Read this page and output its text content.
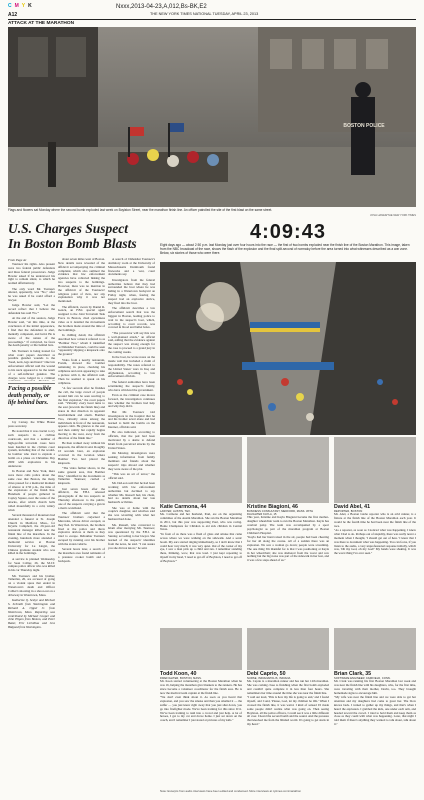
C M Y K	Nxxx,2013-04-23,A,012,Bs-BK,E2
A12	THE NEW YORK TIMES NATIONAL TUESDAY, APRIL 23, 2013
ATTACK AT THE MARATHON
BOSTON POLICE
Flags and flowers sat Monday where the second bomb exploded last week on Boylston Street, near the marathon finish line. An officer patrolled the site of the first blast on the same street.
JOSH HANER/THE NEW YORK TIMES
U.S. Charges Suspect
In Boston Bomb Blasts
From Page A1

Tsarnaev his rights. Also present were two federal public defenders and three federal prosecutors. Judge Bowler asked if he understood his right to remain silent, to which he nodded affirmatively.

The only word Mr. Tsarnaev uttered, apparently, was "No," after he was asked if he could afford a lawyer.

Judge Bowler said, "Let the record reflect that I believe the defendant has said 'No.'"

At the end of the session, Judge Bowler said, "At this time, at the conclusion of the initial appearance, I find that the defendant is alert, mentally competent, and lucid. He is aware of the nature of the proceedings." If convicted, he faces the death penalty or life behind bars.

Mr. Tsarnaev is being treated for what court papers described as possible gunshot wounds to the "head, neck, legs and hand." One law enforcement official said the wound to his neck appeared to be the result of a self-inflicted gunshot. The charges were lodged in a criminal

Facing a possible death penalty, or life behind bars.

Jay Carney, the White House press secretary.

He noted that it was crucial to try such suspects in a civilian courtroom, and that a number of high-profile terrorism cases have been handled in the civilian court system, including that of the would-be bomber who tried to explode a bomb on a plane on Christmas Day 2009 with explosives in his underwear.

In Boston and New York, there were more calls police about the same case that Boston, the many cities paused for a memorial moment of silence at 2:50 p.m., the time of the explosions at the finish line. Hundreds of people gathered in Copley Square, near the scene of the attacks, after which church bells tolled mournfully in a cold, wintry wind.

Several thousand of mourners had attended a funeral at St. Joseph Church in Medford, Mass., for Krystle Campbell, the 29-year-old restaurant manager killed near the finish line of the marathon. In the evening, hundreds more attended a memorial service at Boston University for Lu Lingzi, the Chinese graduate student who was killed in the bombings.

A service is planned Wednesday for Sean Collier, 26, the M.I.T. campus police officer who was killed in his car Thursday night.

Mr. Tsarnaev and his brother, Tamerlan, 26, are accused of going on a violent spree that ended in Watertown's death and Officer Collier's shooting in a shoot-out on a driveway in Watertown, Mass.

Katharine Q. Seelye and Michael S. Schmidt from Washington and Richard A. Oppel Jr. from Watertown, Mass. Reporting was contributed by Michael Cooper and John Eligon from Boston, and Peter Baker, Eric Lichtblau and Jess Bidgood from Washington.

about seven miles west of Boston. New details were revealed of the affidavit accompanying the criminal complaint, which also outlined the evidence that law enforcement agencies have collected linking the two suspects to the bombings. However, there was no mention in the affidavit of the Tsarnaevs' religious point of view, nor any explanation why it was not mentioned.

The affidavit, sworn by Daniel R. Genck, an F.B.I. special agent assigned to the Joint Terrorism Task Force in Boston, cited eyewitness video as it detailed the movements the brothers made around the time of the bombings.

In chilling detail, the affidavit described how a man it referred to as "Bomber Two," whom it identified as Dzhokhar Tsarnaev, could be seen "apparently slipping a knapsack onto the ground."

Video from a nearby restaurant, Forum, showed the bomber remaining in place, checking his cellphone and even appearing to take a picture with it, the affidavit said. Then he seemed to speak on his cellphone.

"A few seconds after he finishes the call, the large crowd of people around him can be seen reacting to the first explosion," the court papers said. "Virtually every head turns to the east (towards the finish line) and stares in that direction in apparent bewilderment and alarm. Bomber Two, virtually alone among the individuals in front of the restaurant, appears calm. He glances to the east and then calmly but rapidly begins moving to the west, away from the direction of the finish line."

He then walked away without his knapsack, the affidavit said. Roughly 10 seconds later, an explosion occurred in the location where Bomber Two had placed the knapsack.

"The video further shows, in the same general area, that Bomber One," identified in the documents as Tamerlan Tsarnaev, carried a knapsack.

Just seven hours after the affidavit, the F.B.I. released photographs of the two suspects on Thursday afternoon to the public, one of the suspects carrying a gun in a man's waistband.

The affidavit said that the Tsarnaev brothers carjacked a Mercedes, whose driver escaped, as they fled. In Watertown, the brothers fired at the police and threw explosive devices at them as they tried to escape. Dzhokhar Tsarnaev escaped by running over his brother with the stolen vehicle.

Several hours later, a search of the marathon area found remnants of a pressure cooker bomb and a backpack.

A search of Dzhokhar Tsarnaev's dormitory room at the University of Massachusetts Dartmouth found fireworks and a vest, court documents say.

Investigators from the federal authorities believe that they had surrounded the boat where he was hiding in a Watertown backyard on Friday night, when, fearing the suspect had an explosive device, they fired into the boat.

The affidavit describes a law enforcement search that was the biggest in Boston, leading police to wait in the suspect's boat, which, according to court records, was covered in blood and bullet holes.

"The prosecutor will say this was a well-planned attack," an official said, adding that the evidence against the suspect was strong enough for the case to proceed to a grand jury in the coming weeks.

In the boat, he wrote notes on the inside wall that included a claim of responsibility. The notes referred to the United States' wars in Iraq and Afghanistan, according to law enforcement officials.

The federal authorities have been scrutinizing the suspect's family, who have criticized the government.

Even as the criminal case moves forward, the investigation continues into whether the brothers had help and why they did it.

But Mr. Tsarnaev told investigators in the hospital that he and his brother acted alone and had learned to build the bombs on the Internet, officials said.

He also indicated, according to officials, that the pair had been motivated by a desire to defend Islam from perceived attacks by the United States.

On Monday, investigators were seeking information from family members and friends about the suspects' trips abroad and whether they were aware of the plot.

"This was an act of terror," the official said.

Mr. DeLeon said that he had been working with law enforcement authorities but declined to say whether Ms. Russell had, his client, had no details about her late husband's activities.

She was at home with the couple's daughter, and relatives said she was wrestling with what her husband had done.

Ms. Russell, who converted to Islam after marrying Mr. Tsarnaev, was questioned by the F.B.I. on Sunday, according to her lawyer. She learned of the suspects' identities from the news, he said. "I can assure you she did not know," he said.

4:09:43
Eight days ago — about 2:50 p.m. last Monday just over four hours into the race — the first of two bombs exploded near the finish line of the Boston Marathon. This image, taken from the NBC broadcast of the race, shows the flash of the explosion and the final split-second of normalcy before the area turned into what witnesses described as a war zone. Below, six stories of those who were there.
Katie Carmona, 44
LAWYER, AUSTIN, TEX.
Ms. Carmona and her husband, Paul, are on the organizing committee of the Austin Marathon. She ran the Boston Marathon in 2011, but this year was supporting Paul, who was racing. Home Champions for Children to aid sick children in Central Texas.
"In front of us there was a flash of glass and smoke that came across where we were walking on the sidewalk. And a sonic boom. My ears started ringing immediately, so I don't know that I could hear very much; it was very quiet. Out of the corner of my eye, I saw a man pick up a child and run. I remember standing there, thinking, wow, that was loud. I just kept repeating to myself in my head, 'I need to get off of Boylston, I need to get off of Boylston.'"
Kristine Biagioni, 46
BUSINESS CONSULTANT, MEDFORD, MASS. WITH DAUGHTER KAYLA, 15
This year, Kristine and Kayla Biagioni became the first mother-daughter wheelchair team to run the Boston Marathon. Kayla has cerebral palsy. The team was accompanied by a sport psychologist as part of the marathon program at Boston Children's Hospital.
"Kayla had her hand raised in the air, people had been cheering for her all along the course. All of a sudden there was an explosion. We saw a woman go down; people were screaming. The one thing I'm thankful for is that I was positioning at Kayla in her wheelchair; she was sheltered from the worst and saw nothing but the big noise was part of the sidewalk in her fear, and it was a few steps ahead of us."
David Abel, 41
REPORTER, BOSTON
Mr. Abel, a Boston Globe reporter who is an avid runner, is a fixture at the finish line of the Boston Marathon each year. It would be the fourth time he had been near the finish line of the race.
"As a reporter, as soon as I noticed what was happening, I knew what I had to do. Perhaps out of stupidity, there was really never a moment when I thought, 'I should get out of here.' I knew that I was there to document what was happening. You can focus, if you listen to the audio, a very unprofessional response initially, which was, 'Oh my God, oh my God!' My hands were shaking. It was the worst thing I've ever seen."
Todd Koon, 40
FIREFIGHTER, BOSTON, MASS.
Mr. Koon started volunteering at the Boston Marathon when he was 16, helping the marathon give blankets to the runners. He has since become a volunteer coordinator for the finish area. He is now the medical team captain at the finish line.
"We don't even think about it. As soon as you heard that explosion, and you saw the smoke and then you smelled it — the sulfur — you just knew right away that you just shut down, you go into firefighter mode. We've been training for this since 9/11. We've been training to rush into a crowd and just help. A lot of heroes, I got to my car and drove home. I just sat down on the couch, and I remember I just stared at pictures of my kids."
Debi Caprio, 50
NURSE, INDIANAPOLIS, INDIANA
Ms. Caprio is a marathon runner and has run her 12th marathon. She was coming close to finishing when the first bomb exploded and couldn't quite complete it in less than four hours. She remembers her time around the time she was near the finish line.
"I said out loud, 'This is how my life is going to end,' and I found myself, and I said, 'Please, God, let my children be OK.' When I crossed the finish line, it was weird. I kind of sensed I'd made some people didn't realize what was going on. Then seeing Boylston, all the police officers, I could see it was a little different all over. I heard the second bomb and the sound. And the pressure that knocked me from the blinded world. It's going to get stuck in my head."
Brian Clark, 35
SOFTWARE ENGINEER, FAIRFIELD, CONN.
Mr. Clark was running his first Boston Marathon last week and was near the finish line with his daughters, who, for the first time, were traveling with their mother, Devin, too. They brought homemade signs to encourage him.
"My wife was near the finish line and we were able to get her attention and my daughters had come to greet her. The blow knows back. I turned to gather up my things, and that's when I heard the explosion. I grabbed the kids, one under each arm, and headed toward the crowd. I tried to hold them and keep them as close as they could with what was happening. Later, that night I told them if there's anything they wanted to talk about, talk about it."
Note: Excerpts from audio interviews have been edited and condensed. More interviews at nytimes.com/marathon
